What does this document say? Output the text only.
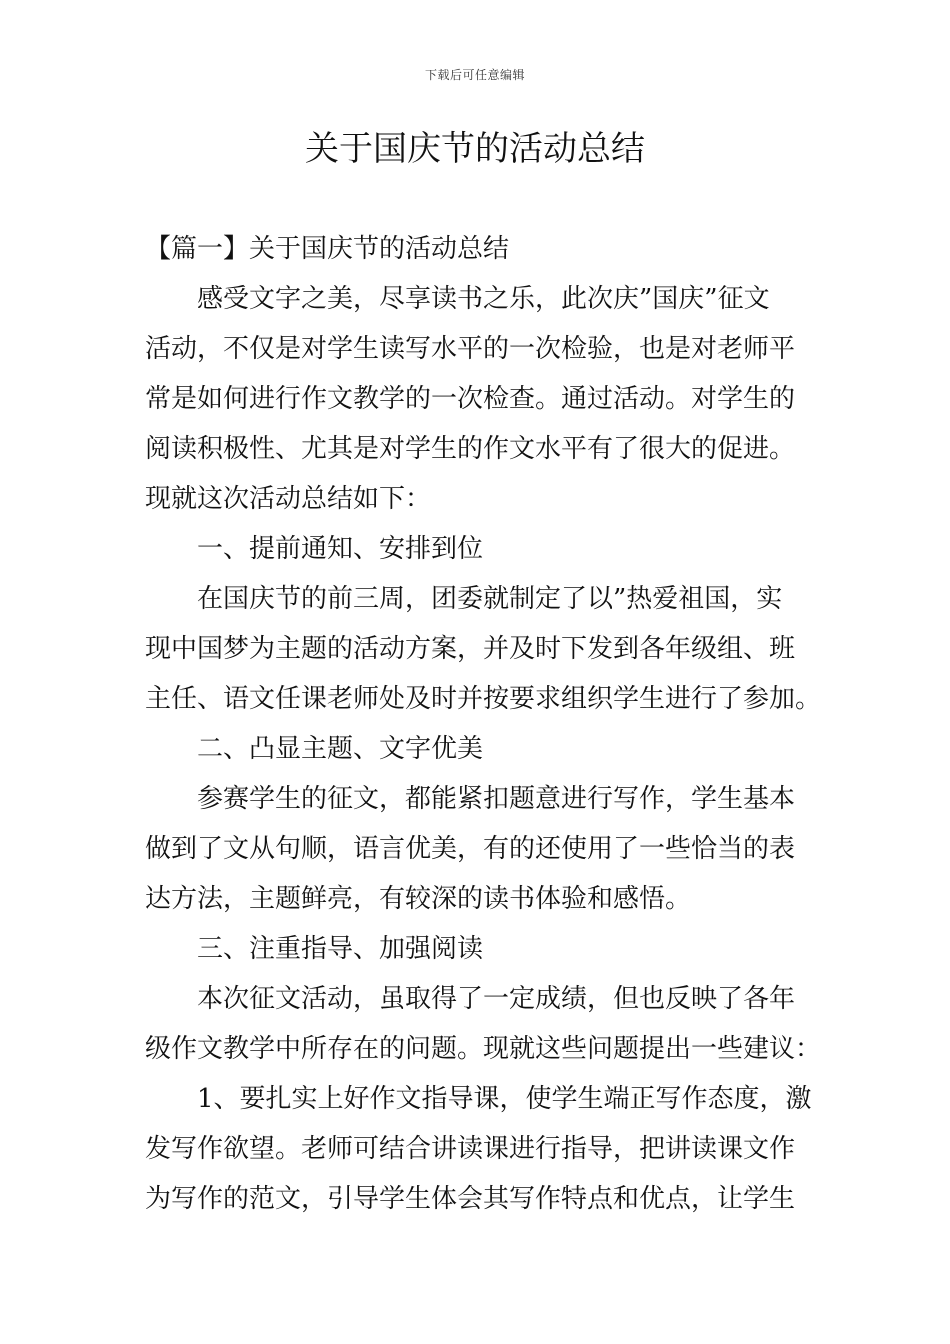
下载后可任意编辑
关于国庆节的活动总结
【篇一】关于国庆节的活动总结
感受文字之美，尽享读书之乐，此次庆”国庆”征文
活动，不仅是对学生读写水平的一次检验，也是对老师平
常是如何进行作文教学的一次检查。通过活动。对学生的
阅读积极性、尤其是对学生的作文水平有了很大的促进。
现就这次活动总结如下：
一、提前通知、安排到位
在国庆节的前三周，团委就制定了以”热爱祖国，实
现中国梦为主题的活动方案，并及时下发到各年级组、班
主任、语文任课老师处及时并按要求组织学生进行了参加。
二、凸显主题、文字优美
参赛学生的征文，都能紧扣题意进行写作，学生基本
做到了文从句顺，语言优美，有的还使用了一些恰当的表
达方法，主题鲜亮，有较深的读书体验和感悟。
三、注重指导、加强阅读
本次征文活动，虽取得了一定成绩，但也反映了各年
级作文教学中所存在的问题。现就这些问题提出一些建议：
1、要扎实上好作文指导课，使学生端正写作态度，激
发写作欲望。老师可结合讲读课进行指导，把讲读课文作
为写作的范文，引导学生体会其写作特点和优点，让学生
